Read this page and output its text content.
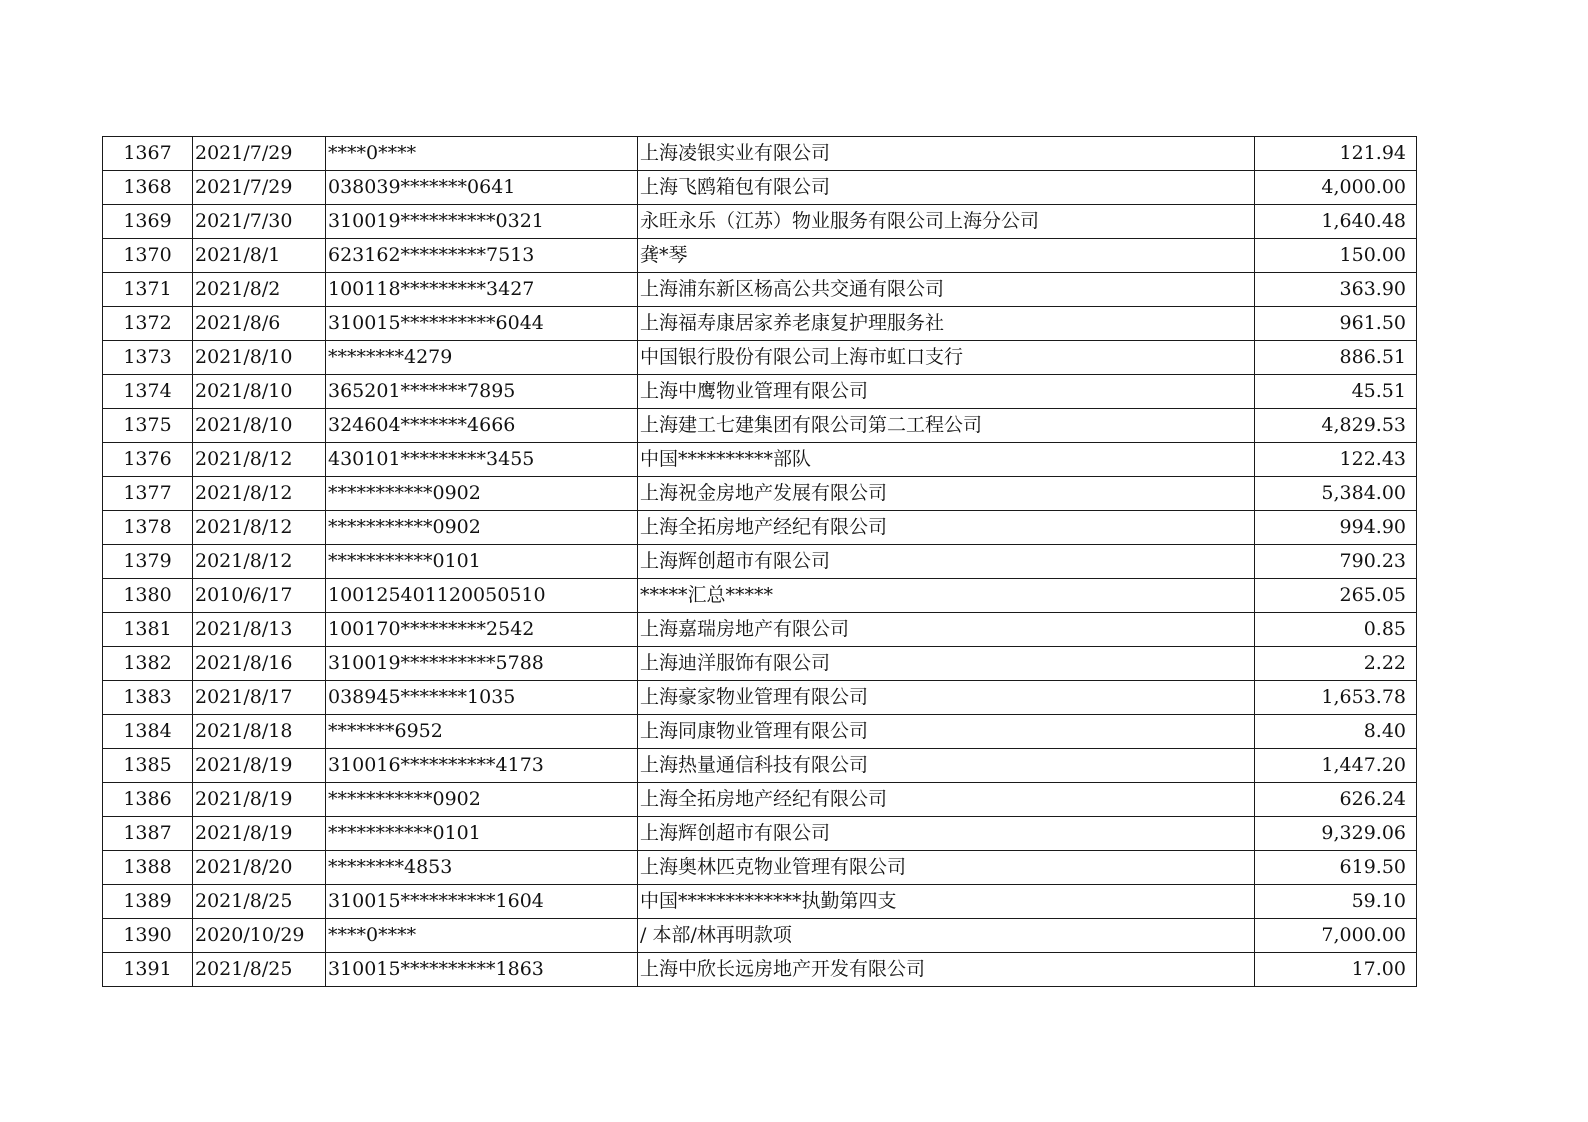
1367	2021/7/29	****0****	上海凌银实业有限公司	121.94
1368	2021/7/29	038039*******0641	上海飞鸥箱包有限公司	4,000.00
1369	2021/7/30	310019**********0321	永旺永乐（江苏）物业服务有限公司上海分公司	1,640.48
1370	2021/8/1	623162*********7513	龚*琴	150.00
1371	2021/8/2	100118*********3427	上海浦东新区杨高公共交通有限公司	363.90
1372	2021/8/6	310015**********6044	上海福寿康居家养老康复护理服务社	961.50
1373	2021/8/10	********4279	中国银行股份有限公司上海市虹口支行	886.51
1374	2021/8/10	365201*******7895	上海中鹰物业管理有限公司	45.51
1375	2021/8/10	324604*******4666	上海建工七建集团有限公司第二工程公司	4,829.53
1376	2021/8/12	430101*********3455	中国**********部队	122.43
1377	2021/8/12	***********0902	上海祝金房地产发展有限公司	5,384.00
1378	2021/8/12	***********0902	上海全拓房地产经纪有限公司	994.90
1379	2021/8/12	***********0101	上海辉创超市有限公司	790.23
1380	2010/6/17	100125401120050510	*****汇总*****	265.05
1381	2021/8/13	100170*********2542	上海嘉瑞房地产有限公司	0.85
1382	2021/8/16	310019**********5788	上海迪洋服饰有限公司	2.22
1383	2021/8/17	038945*******1035	上海豪家物业管理有限公司	1,653.78
1384	2021/8/18	*******6952	上海同康物业管理有限公司	8.40
1385	2021/8/19	310016**********4173	上海热量通信科技有限公司	1,447.20
1386	2021/8/19	***********0902	上海全拓房地产经纪有限公司	626.24
1387	2021/8/19	***********0101	上海辉创超市有限公司	9,329.06
1388	2021/8/20	********4853	上海奥林匹克物业管理有限公司	619.50
1389	2021/8/25	310015**********1604	中国*************执勤第四支	59.10
1390	2020/10/29	****0****	/ 本部/林再明款项	7,000.00
1391	2021/8/25	310015**********1863	上海中欣长远房地产开发有限公司	17.00
